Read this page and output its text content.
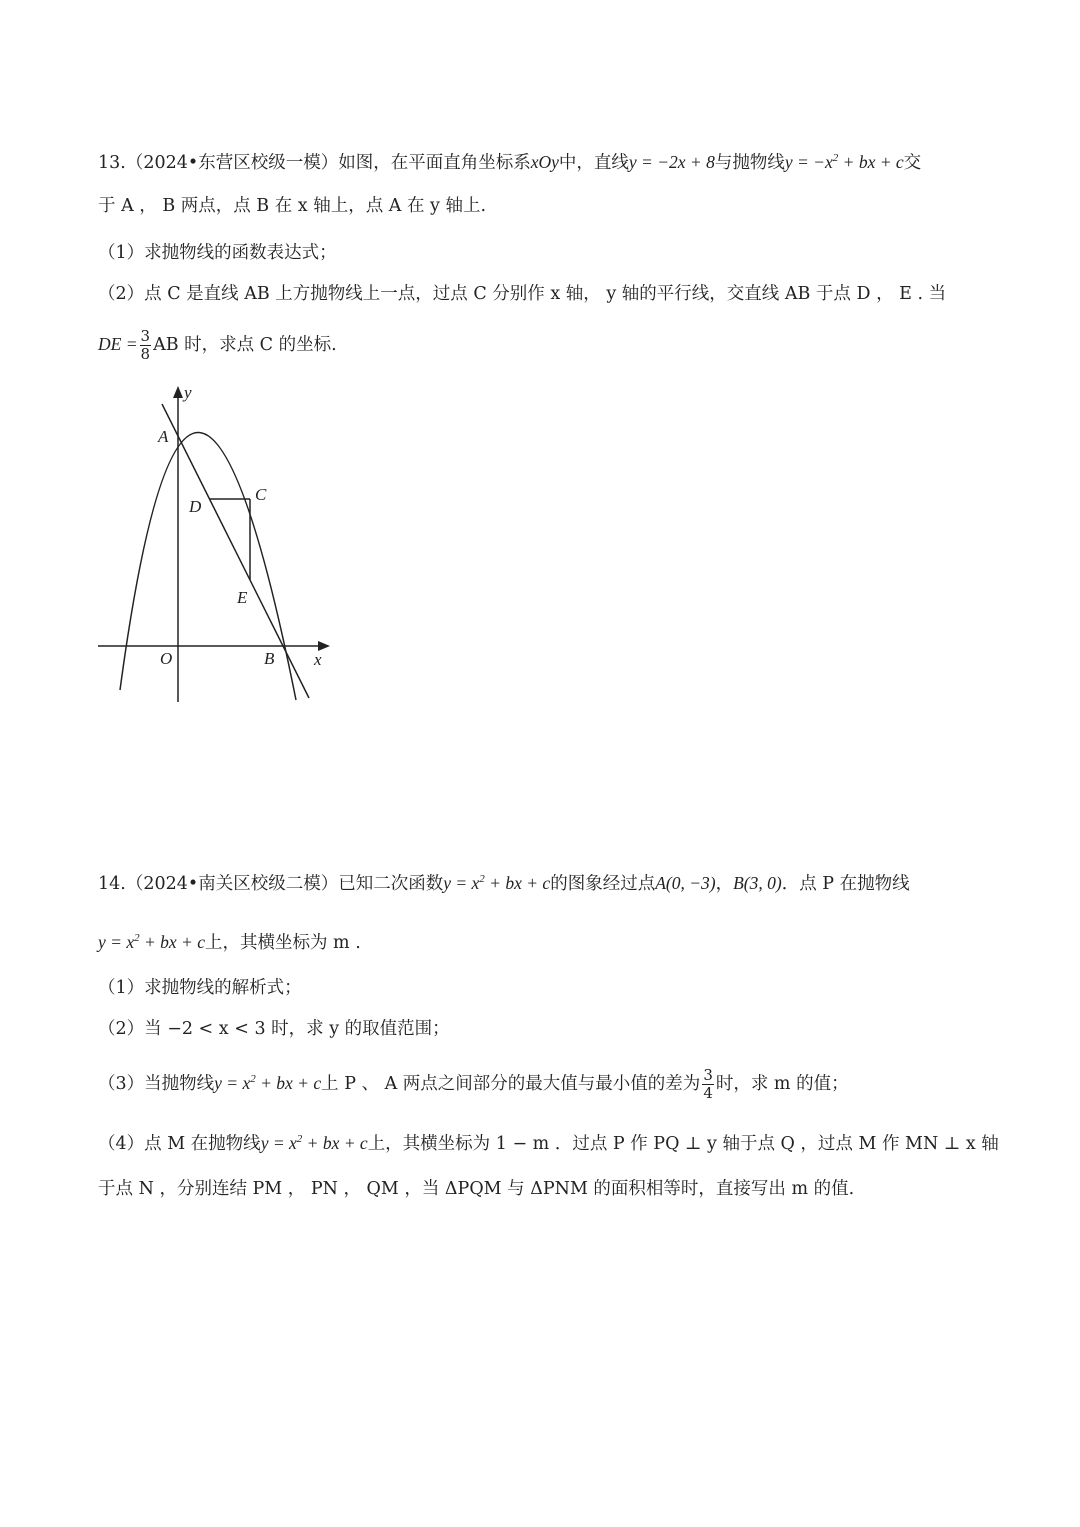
13.（2024•东营区校级一模）如图，在平面直角坐标系xOy中，直线y = −2x + 8与抛物线$y = -x^2$ + bx + c交
于 A ， B 两点，点 B 在 x 轴上，点 A 在 y 轴上.
（1）求抛物线的函数表达式；
（2）点 C 是直线 AB 上方抛物线上一点，过点 C 分别作 x 轴， y 轴的平行线，交直线 AB 于点 D ， E . 当
DE = $\frac{3}{8}$ AB 时，求点 C 的坐标.
y
x
A
C
D
E
O	B
14.（2024•南关区校级二模）已知二次函数$y = x^2$ + bx + c的图象经过点A(0, −3)，B(3, 0)．点 P 在抛物线
$y = x^2$ + bx + c上，其横坐标为 m .
（1）求抛物线的解析式；
（2）当 −2 < x < 3 时，求 y 的取值范围；
（3）当抛物线$y = x^2$ + bx + c上 P 、 A 两点之间部分的最大值与最小值的差为 $\frac{3}{4}$ 时，求 m 的值；
（4）点 M 在抛物线$y = x^2$ + bx + c上，其横坐标为 1 − m ．过点 P 作 PQ ⊥ y 轴于点 Q ，过点 M 作 MN ⊥ x 轴
于点 N ，分别连结 PM ， PN ， QM ，当 ΔPQM 与 ΔPNM 的面积相等时，直接写出 m 的值.
